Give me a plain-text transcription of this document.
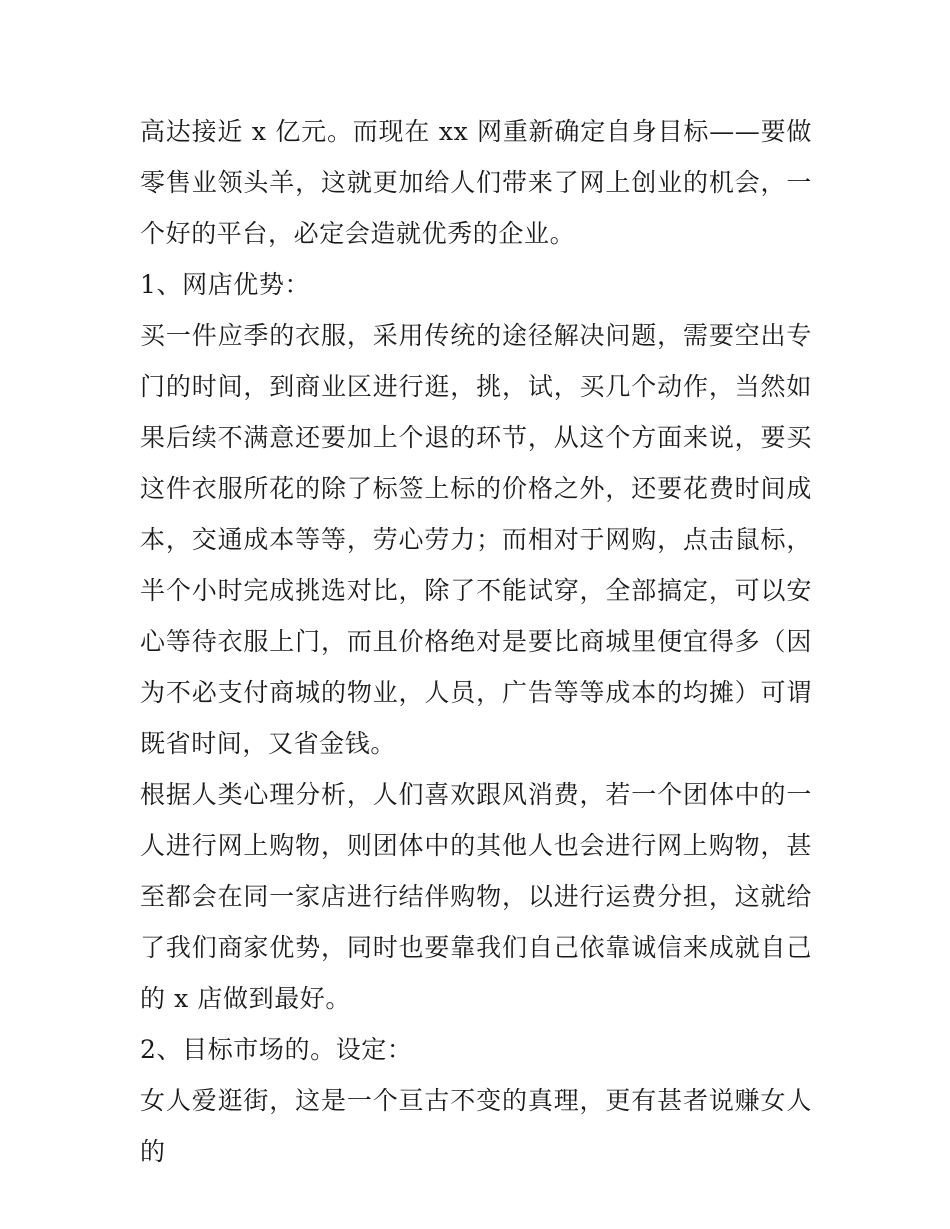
高达接近 x 亿元。而现在 xx 网重新确定自身目标——要做零售业领头羊，这就更加给人们带来了网上创业的机会，一个好的平台，必定会造就优秀的企业。

1、网店优势：

买一件应季的衣服，采用传统的途径解决问题，需要空出专门的时间，到商业区进行逛，挑，试，买几个动作，当然如果后续不满意还要加上个退的环节，从这个方面来说，要买这件衣服所花的除了标签上标的价格之外，还要花费时间成本，交通成本等等，劳心劳力；而相对于网购，点击鼠标，半个小时完成挑选对比，除了不能试穿，全部搞定，可以安心等待衣服上门，而且价格绝对是要比商城里便宜得多（因为不必支付商城的物业，人员，广告等等成本的均摊）可谓既省时间，又省金钱。

根据人类心理分析，人们喜欢跟风消费，若一个团体中的一人进行网上购物，则团体中的其他人也会进行网上购物，甚至都会在同一家店进行结伴购物，以进行运费分担，这就给了我们商家优势，同时也要靠我们自己依靠诚信来成就自己的 x 店做到最好。

2、目标市场的。设定：

女人爱逛街，这是一个亘古不变的真理，更有甚者说赚女人的
